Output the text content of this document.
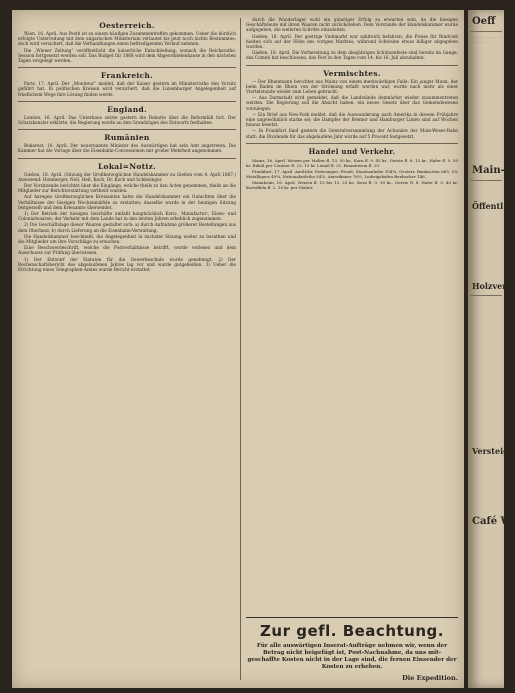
Oesterreich.

Wien, 16. April. Aus Pesth ist zu einem häufigen Zusammentreffen gekommen. Ueber die kürzlich erfolgte Unterredung mit dem ungarischen Ministerium verlautet bis jetzt noch nichts Bestimmtes; doch wird versichert, daß die Verhandlungen einen befriedigenden Verlauf nehmen.

Die „Wiener Zeitung“ veröffentlicht die kaiserliche Entschließung, wonach die Reichsraths-Session fortgesetzt werden soll. Das Budget für 1868 wird dem Abgeordnetenhause in den nächsten Tagen vorgelegt werden.

Frankreich.

Paris, 17. April. Der „Moniteur“ meldet, daß der Kaiser gestern im Ministerrathe den Vorsitz geführt hat. In politischen Kreisen wird versichert, daß die Luxemburger Angelegenheit auf friedlichem Wege ihre Lösung finden werde.

England.

London, 16. April. Das Unterhaus setzte gestern die Debatte über die Reformbill fort. Der Schatzkanzler erklärte, die Regierung werde an den Grundzügen des Entwurfs festhalten.

Rumänien

Bukarest, 16. April. Der neuernannte Minister des Auswärtigen hat sein Amt angetreten. Die Kammer hat die Vorlage über die Eisenbahn-Concessionen mit großer Mehrheit angenommen.

Lokal=Notiz.

Gießen, 18. April. (Sitzung der Großherzoglichen Handelskammer zu Gießen vom 4. April 1867.) Anwesend: Homberger, Noll, Heß, Koch, Dr. Koch und Schlesinger.

Der Vorsitzende berichtet über die Eingänge, welche theils zu den Acten genommen, theils an die Mitglieder zur Berichterstattung vertheilt wurden.

Auf Anregen Großherzoglichen Kreisamtes hatte die Handelskammer ein Gutachten über die Verhältnisse der hiesigen Wochenmärkte zu erstatten; dasselbe wurde in der heutigen Sitzung festgestellt und dem Kreisamte übersendet.

1) Der Betrieb der hiesigen Geschäfte umfaßt hauptsächlich Korn-, Manufactur-, Eisen- und Colonialwaaren; der Verkehr mit dem Lande hat in den letzten Jahren erheblich zugenommen.

2) Die Geschäftslage dieser Waaren gestaltet sich: a) durch Aufnahme größerer Bestellungen aus dem Oberland; b) durch Lieferung an die Eisenbahn-Verwaltung.

Die Handelskammer beschließt, die Angelegenheit in nächster Sitzung weiter zu berathen und die Mitglieder um ihre Vorschläge zu ersuchen.

Eine Beschwerdeschrift, welche die Postverhältnisse betrifft, wurde verlesen und dem Ausschusse zur Prüfung überwiesen.

1) Der Entwurf der Statuten für die Gewerbeschule wurde genehmigt. 2) Der Rechenschaftsbericht des abgelaufenen Jahres lag vor und wurde gutgeheißen. 3) Ueber die Errichtung eines Telegraphen-Amtes wurde Bericht erstattet.

durch die Wanderlager wohl ein günstiger Erfolg zu erwarten sein, da die hiesigen Geschäftsleute mit ihren Waaren nicht zurückstehen. Dem Vorstande der Handelskammer wurde aufgegeben, die weiteren Schritte einzuleiten.

Gießen, 18. April. Der gestrige Viehmarkt war zahlreich befahren; die Preise für Rindvieh hielten sich auf der Höhe des vorigen Marktes, während Schweine etwas billiger abgegeben wurden.

Gießen, 18. April. Die Vorbereitung zu dem diesjährigen Schützenfeste sind bereits im Gange; das Comité hat beschlossen, das Fest in den Tagen vom 14. bis 16. Juli abzuhalten.

Vermischtes.

— Der Rheinmann berichtet aus Mainz von einem merkwürdigen Falle: Ein junger Mann, der beim Baden im Rhein von der Strömung erfaßt worden war, wurde nach mehr als einer Viertelstunde wieder zum Leben gebracht.

— Aus Darmstadt wird gemeldet, daß die Landstände demnächst wieder zusammentreten werden. Die Regierung soll die Absicht haben, ein neues Gesetz über das Gemeindewesen vorzulegen.

— Ein Brief aus New-York meldet, daß die Auswanderung nach Amerika in diesem Frühjahre eine ungewöhnlich starke sei; die Dampfer der Bremer und Hamburger Linien sind auf Wochen hinaus besetzt.

— In Frankfurt fand gestern die Generalversammlung der Actionäre der Main-Weser-Bahn statt; die Dividende für das abgelaufene Jahr wurde auf 5 Procent festgesetzt.

Handel und Verkehr.

Mainz, 16. April. Weizen per Malter fl. 13. 30 kr., Korn fl. 9. 45 kr., Gerste fl. 8. 15 kr., Hafer fl. 5. 50 kr. Rüböl per Centner fl. 23. 15 kr. Leinöl fl. 21. Branntwein fl. 20.

Frankfurt, 17. April. Amtliche Notirungen: Preuß. Staatsanleihe 104¾, Oesterr. Bankactien 685, 5% Metalliques 49¼, Nationalanleihe 54⅝, Amerikaner 76½, Ludwigshafen-Bexbacher 146.

Mannheim, 16. April. Weizen fl. 13 bis 13. 20 kr., Korn fl. 9. 30 kr., Gerste fl. 8, Hafer fl. 5. 40 kr. Kartoffeln fl. 2. 10 kr. per Malter.

Zur gefl. Beachtung.
Für alle auswärtigen Inserat-Aufträge nehmen wir, wenn der Betrag nicht beigefügt ist, Post-Nachnahme, da uns mit- geschaffte Kosten nicht in der Lage sind, die fernen Einsender der Kosten zu erheben.
Die Expedition.
Oeff
· · · · · · · · · · · · · · · · · · · · ·
Main-W
Öffentl
Holzver
Versteig
Café W
